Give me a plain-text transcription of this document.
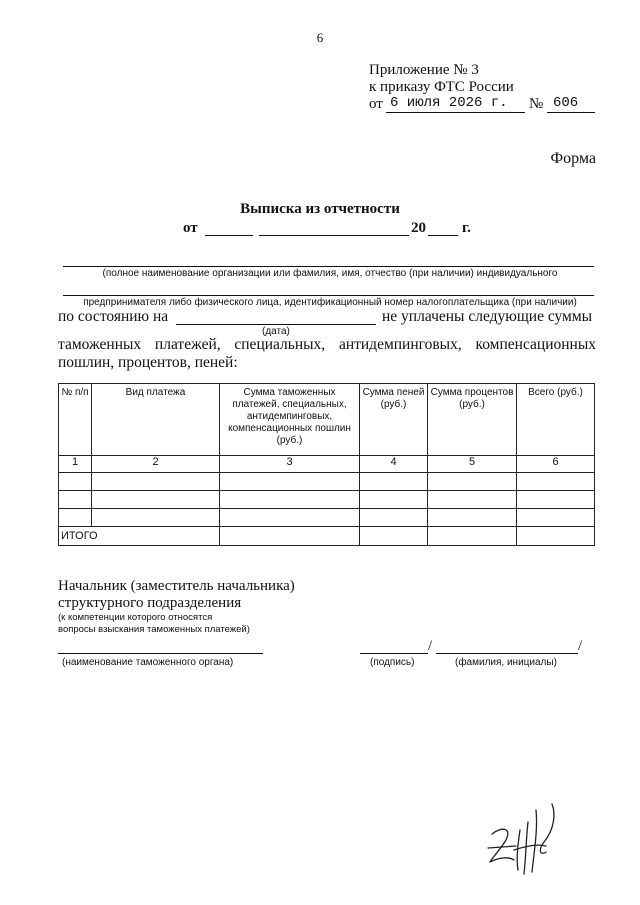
6
Приложение № 3
к приказу ФТС России
от 6 июля 2026 г. № 606
Форма
Выписка из отчетности
от	20 г.
(полное наименование организации или фамилия, имя, отчество (при наличии) индивидуального
предпринимателя либо физического лица, идентификационный номер налогоплательщика (при наличии)
по состоянию на
(дата)
не уплачены следующие суммы
таможенных платежей, специальных, антидемпинговых, компенсационных
пошлин, процентов, пеней:
№ п/п	Вид платежа	Сумма таможенных платежей, специальных, антидемпинговых, компенсационных пошлин (руб.)	Сумма пеней (руб.)	Сумма процентов (руб.)	Всего (руб.)
1	2	3	4	5	6

ИТОГО					
Начальник (заместитель начальника)
структурного подразделения
(к компетенции которого относятся
вопросы взыскания таможенных платежей)
(наименование таможенного органа)
/	/
(подпись)	(фамилия, инициалы)
